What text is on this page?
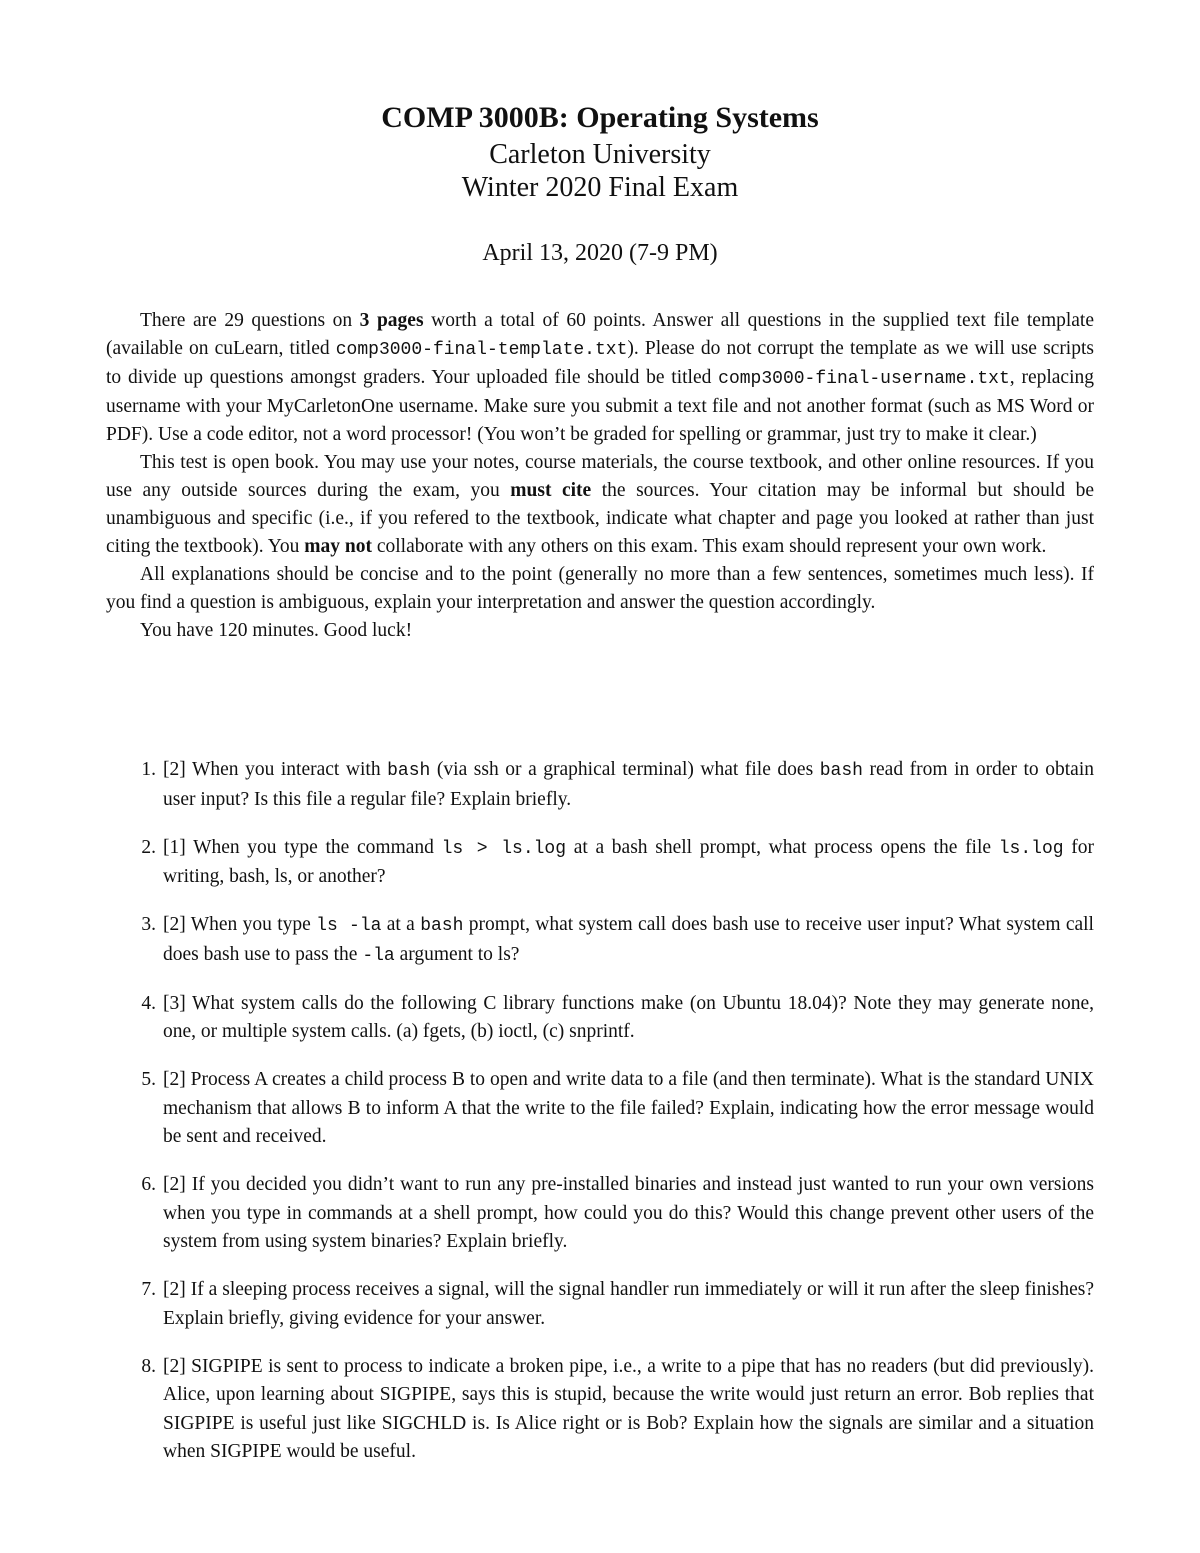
COMP 3000B: Operating Systems
Carleton University
Winter 2020 Final Exam
April 13, 2020 (7-9 PM)

There are 29 questions on 3 pages worth a total of 60 points. Answer all questions in the supplied text file template (available on cuLearn, titled comp3000-final-template.txt). Please do not corrupt the template as we will use scripts to divide up questions amongst graders. Your uploaded file should be titled comp3000-final-username.txt, replacing username with your MyCarletonOne username. Make sure you submit a text file and not another format (such as MS Word or PDF). Use a code editor, not a word processor! (You won’t be graded for spelling or grammar, just try to make it clear.)

This test is open book. You may use your notes, course materials, the course textbook, and other online resources. If you use any outside sources during the exam, you must cite the sources. Your citation may be informal but should be unambiguous and specific (i.e., if you refered to the textbook, indicate what chapter and page you looked at rather than just citing the textbook). You may not collaborate with any others on this exam. This exam should represent your own work.

All explanations should be concise and to the point (generally no more than a few sentences, sometimes much less). If you find a question is ambiguous, explain your interpretation and answer the question accordingly.

You have 120 minutes. Good luck!

1. [2] When you interact with bash (via ssh or a graphical terminal) what file does bash read from in order to obtain user input? Is this file a regular file? Explain briefly.
2. [1] When you type the command ls > ls.log at a bash shell prompt, what process opens the file ls.log for writing, bash, ls, or another?
3. [2] When you type ls -la at a bash prompt, what system call does bash use to receive user input? What system call does bash use to pass the -la argument to ls?
4. [3] What system calls do the following C library functions make (on Ubuntu 18.04)? Note they may generate none, one, or multiple system calls. (a) fgets, (b) ioctl, (c) snprintf.
5. [2] Process A creates a child process B to open and write data to a file (and then terminate). What is the standard UNIX mechanism that allows B to inform A that the write to the file failed? Explain, indicating how the error message would be sent and received.
6. [2] If you decided you didn’t want to run any pre-installed binaries and instead just wanted to run your own versions when you type in commands at a shell prompt, how could you do this? Would this change prevent other users of the system from using system binaries? Explain briefly.
7. [2] If a sleeping process receives a signal, will the signal handler run immediately or will it run after the sleep finishes? Explain briefly, giving evidence for your answer.
8. [2] SIGPIPE is sent to process to indicate a broken pipe, i.e., a write to a pipe that has no readers (but did previously). Alice, upon learning about SIGPIPE, says this is stupid, because the write would just return an error. Bob replies that SIGPIPE is useful just like SIGCHLD is. Is Alice right or is Bob? Explain how the signals are similar and a situation when SIGPIPE would be useful.
